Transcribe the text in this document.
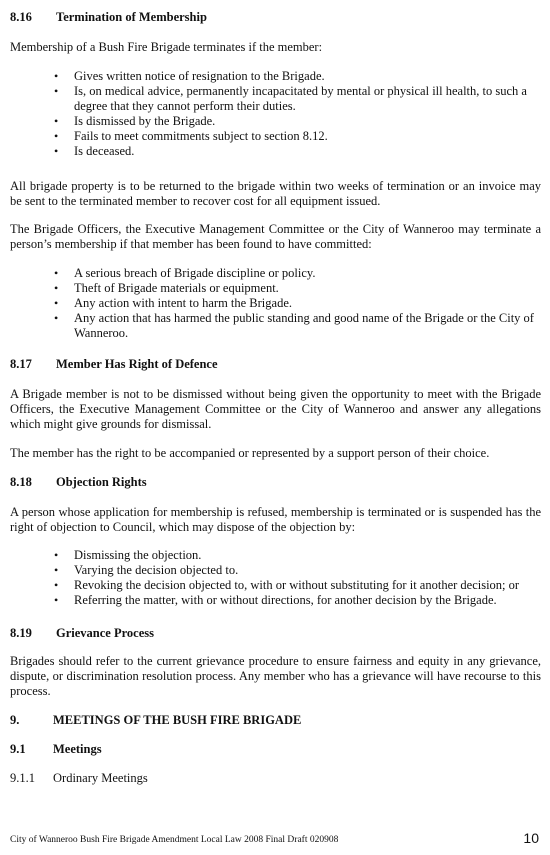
8.16 Termination of Membership
Membership of a Bush Fire Brigade terminates if the member:
• Gives written notice of resignation to the Brigade.
• Is, on medical advice, permanently incapacitated by mental or physical ill health, to such a degree that they cannot perform their duties.
• Is dismissed by the Brigade.
• Fails to meet commitments subject to section 8.12.
• Is deceased.
All brigade property is to be returned to the brigade within two weeks of termination or an invoice may be sent to the terminated member to recover cost for all equipment issued.
The Brigade Officers, the Executive Management Committee or the City of Wanneroo may terminate a person’s membership if that member has been found to have committed:
• A serious breach of Brigade discipline or policy.
• Theft of Brigade materials or equipment.
• Any action with intent to harm the Brigade.
• Any action that has harmed the public standing and good name of the Brigade or the City of Wanneroo.
8.17 Member Has Right of Defence
A Brigade member is not to be dismissed without being given the opportunity to meet with the Brigade Officers, the Executive Management Committee or the City of Wanneroo and answer any allegations which might give grounds for dismissal.
The member has the right to be accompanied or represented by a support person of their choice.
8.18 Objection Rights
A person whose application for membership is refused, membership is terminated or is suspended has the right of objection to Council, which may dispose of the objection by:
• Dismissing the objection.
• Varying the decision objected to.
• Revoking the decision objected to, with or without substituting for it another decision; or
• Referring the matter, with or without directions, for another decision by the Brigade.
8.19 Grievance Process
Brigades should refer to the current grievance procedure to ensure fairness and equity in any grievance, dispute, or discrimination resolution process. Any member who has a grievance will have recourse to this process.
9.	MEETINGS OF THE BUSH FIRE BRIGADE
9.1 Meetings
9.1.1 Ordinary Meetings
City of Wanneroo Bush Fire Brigade Amendment Local Law 2008 Final Draft 020908	10
